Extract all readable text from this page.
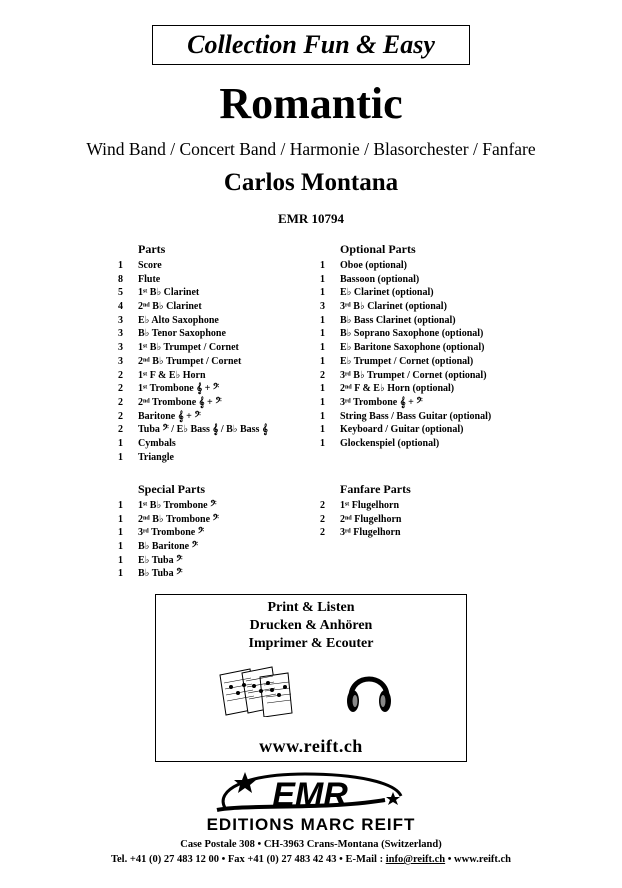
Collection Fun & Easy
Romantic
Wind Band / Concert Band / Harmonie / Blasorchester / Fanfare
Carlos Montana
EMR 10794
Parts
1	Score
8	Flute
5	1ˢᵗ B♭ Clarinet
4	2ⁿᵈ B♭ Clarinet
3	E♭ Alto Saxophone
3	B♭ Tenor Saxophone
3	1ˢᵗ B♭ Trumpet / Cornet
3	2ⁿᵈ B♭ Trumpet / Cornet
2	1ˢᵗ F & E♭ Horn
2	1ˢᵗ Trombone 𝄞 + 𝄢
2	2ⁿᵈ Trombone 𝄞 + 𝄢
2	Baritone 𝄞 + 𝄢
2	Tuba 𝄢 / E♭ Bass 𝄞 / B♭ Bass 𝄞
1	Cymbals
1	Triangle
Optional Parts
1	Oboe (optional)
1	Bassoon (optional)
1	E♭ Clarinet (optional)
3	3ʳᵈ B♭ Clarinet (optional)
1	B♭ Bass Clarinet (optional)
1	B♭ Soprano Saxophone (optional)
1	E♭ Baritone Saxophone (optional)
1	E♭ Trumpet / Cornet (optional)
2	3ʳᵈ B♭ Trumpet / Cornet (optional)
1	2ⁿᵈ F & E♭ Horn (optional)
1	3ʳᵈ Trombone 𝄞 + 𝄢
1	String Bass / Bass Guitar (optional)
1	Keyboard / Guitar (optional)
1	Glockenspiel (optional)
Special Parts
1	1ˢᵗ B♭ Trombone 𝄢
1	2ⁿᵈ B♭ Trombone 𝄢
1	3ʳᵈ Trombone 𝄢
1	B♭ Baritone 𝄢
1	E♭ Tuba 𝄢
1	B♭ Tuba 𝄢
Fanfare Parts
2	1ˢᵗ Flugelhorn
2	2ⁿᵈ Flugelhorn
2	3ʳᵈ Flugelhorn
Print & Listen
Drucken & Anhören
Imprimer & Ecouter
www.reift.ch
EMR
EDITIONS MARC REIFT
Case Postale 308 • CH-3963 Crans-Montana (Switzerland)
Tel. +41 (0) 27 483 12 00 • Fax +41 (0) 27 483 42 43 • E-Mail : info@reift.ch • www.reift.ch
